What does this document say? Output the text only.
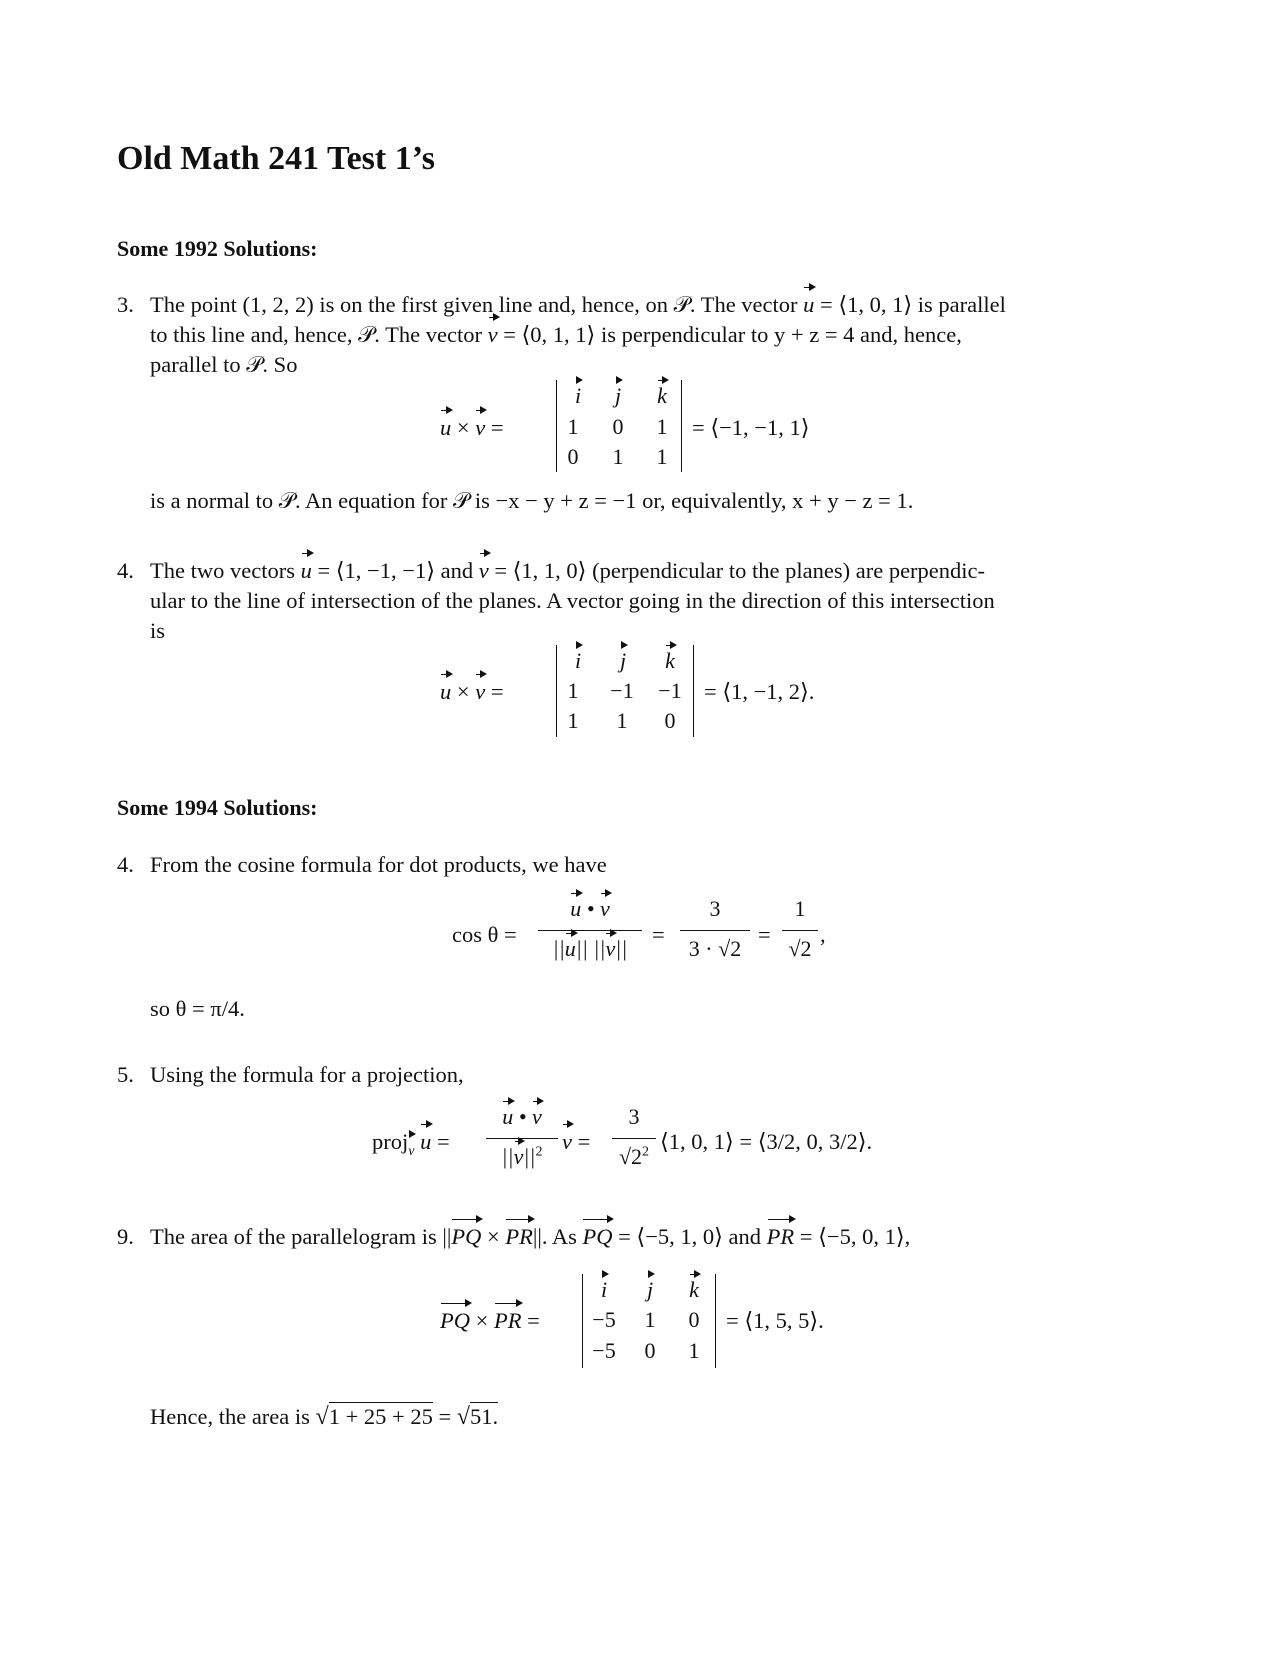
Old Math 241 Test 1’s
Some 1992 Solutions:
3. The point (1, 2, 2) is on the first given line and, hence, on 𝒫. The vector u = ⟨1, 0, 1⟩ is parallel
to this line and, hence, 𝒫. The vector v = ⟨0, 1, 1⟩ is perpendicular to y + z = 4 and, hence,
parallel to 𝒫. So
u × v =
i	j	k
1	0	1
0	1	1
= ⟨−1, −1, 1⟩
is a normal to 𝒫. An equation for 𝒫 is −x − y + z = −1 or, equivalently, x + y − z = 1.
4. The two vectors u = ⟨1, −1, −1⟩ and v = ⟨1, 1, 0⟩ (perpendicular to the planes) are perpendic-
ular to the line of intersection of the planes. A vector going in the direction of this intersection
is
u × v =
i	j	k
1	−1	−1
1	1	0
= ⟨1, −1, 2⟩.
Some 1994 Solutions:
4. From the cosine formula for dot products, we have
cos θ =
u • v
||u|| ||v||
=
3
3 · √2
=
1
√2
,
so θ = π/4.
5. Using the formula for a projection,
proj$_v$ u =
u • v
$||v||^2$ v =
3
$√2^2$ ⟨1, 0, 1⟩ = ⟨3/2, 0, 3/2⟩.
9. The area of the parallelogram is ||PQ × PR||. As PQ = ⟨−5, 1, 0⟩ and PR = ⟨−5, 0, 1⟩,
PQ × PR =
i	j	k
−5	1	0
−5	0	1
= ⟨1, 5, 5⟩.
Hence, the area is √1 + 25 + 25 = √51.
